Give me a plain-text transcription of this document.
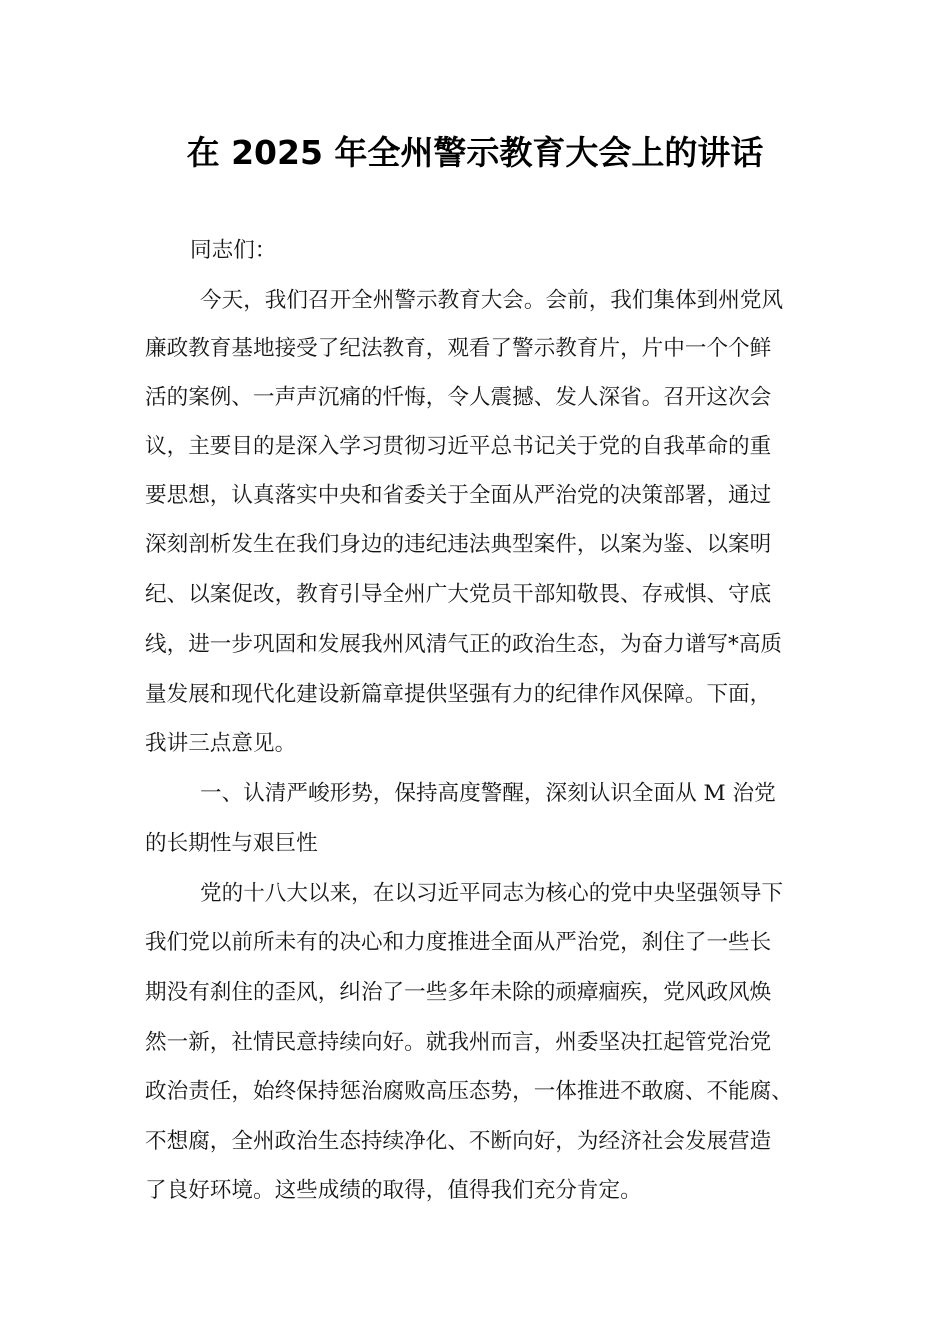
在 2025 年全州警示教育大会上的讲话
同志们：
今天，我们召开全州警示教育大会。会前，我们集体到州党风
廉政教育基地接受了纪法教育，观看了警示教育片，片中一个个鲜
活的案例、一声声沉痛的忏悔，令人震撼、发人深省。召开这次会
议，主要目的是深入学习贯彻习近平总书记关于党的自我革命的重
要思想，认真落实中央和省委关于全面从严治党的决策部署，通过
深刻剖析发生在我们身边的违纪违法典型案件，以案为鉴、以案明
纪、以案促改，教育引导全州广大党员干部知敬畏、存戒惧、守底
线，进一步巩固和发展我州风清气正的政治生态，为奋力谱写*高质
量发展和现代化建设新篇章提供坚强有力的纪律作风保障。下面，
我讲三点意见。
一、认清严峻形势，保持高度警醒，深刻认识全面从 M 治党
的长期性与艰巨性
党的十八大以来，在以习近平同志为核心的党中央坚强领导下
我们党以前所未有的决心和力度推进全面从严治党，刹住了一些长
期没有刹住的歪风，纠治了一些多年未除的顽瘴痼疾，党风政风焕
然一新，社情民意持续向好。就我州而言，州委坚决扛起管党治党
政治责任，始终保持惩治腐败高压态势，一体推进不敢腐、不能腐、
不想腐，全州政治生态持续净化、不断向好，为经济社会发展营造
了良好环境。这些成绩的取得，值得我们充分肯定。
